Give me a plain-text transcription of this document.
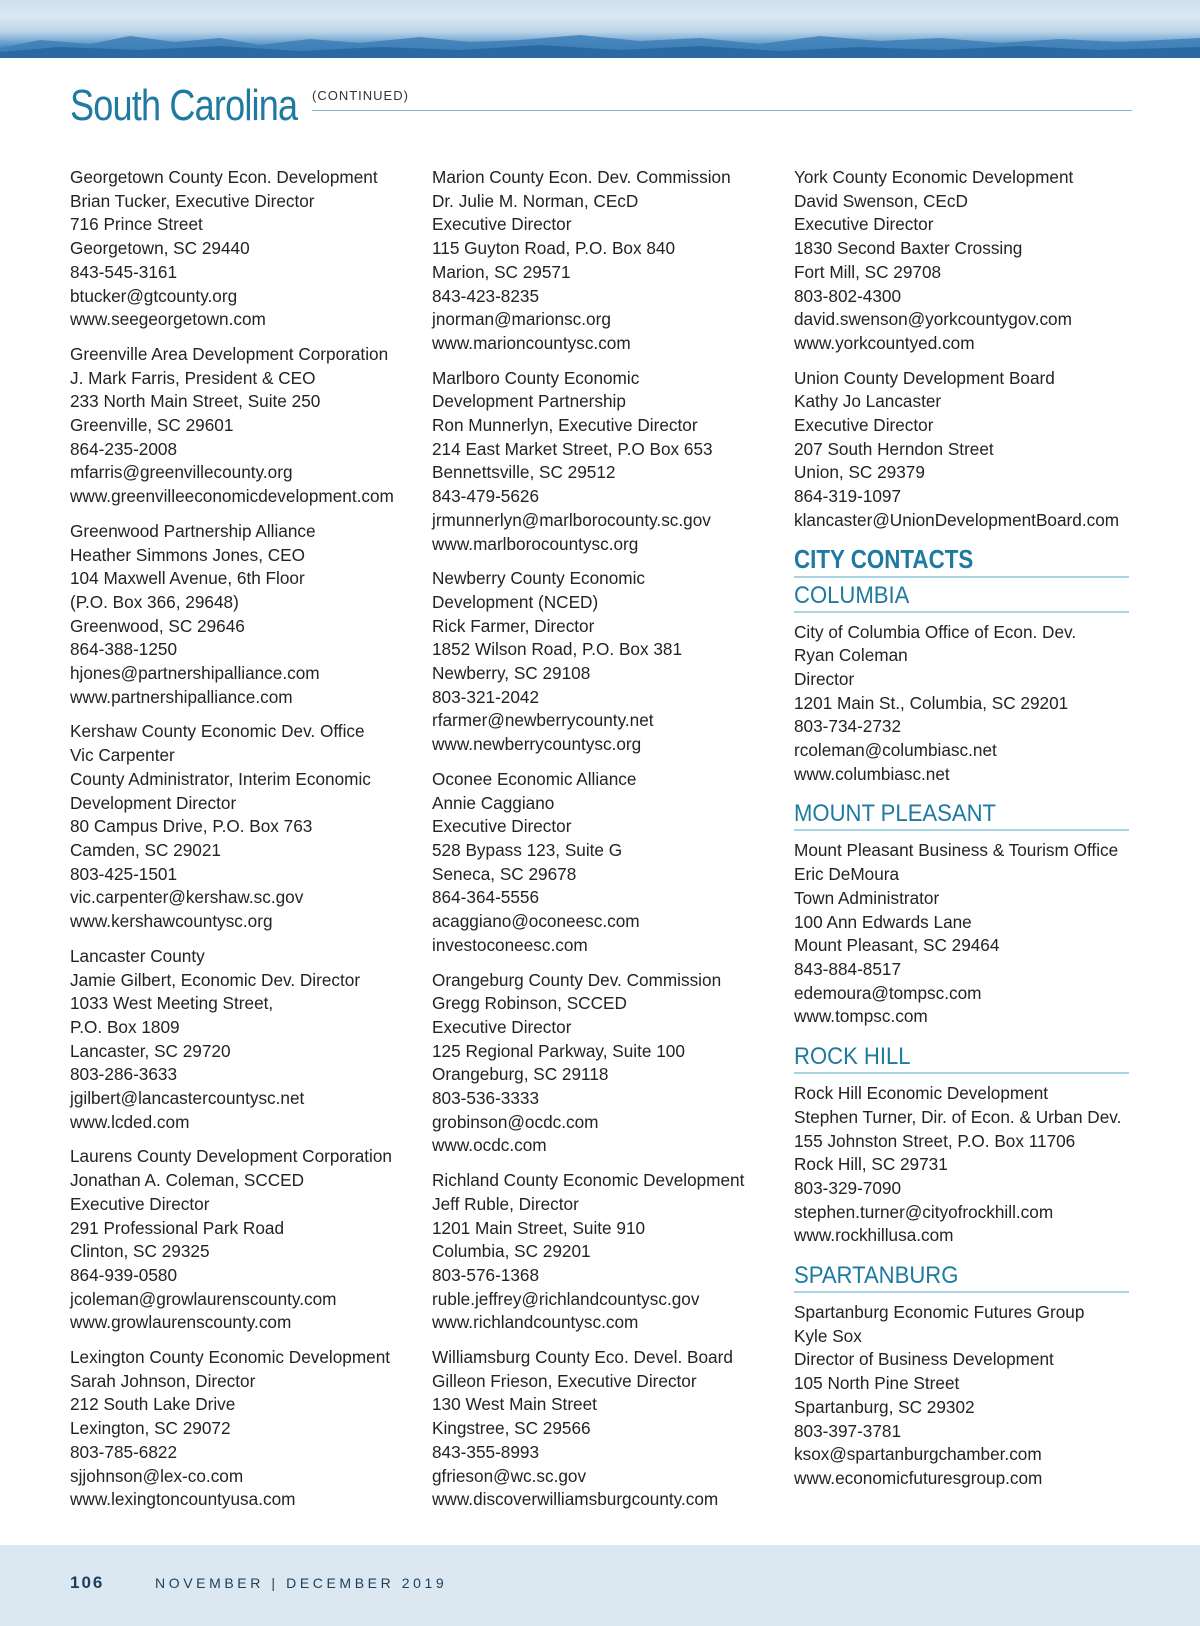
South Carolina (CONTINUED)
Georgetown County Econ. Development
Brian Tucker, Executive Director
716 Prince Street
Georgetown, SC 29440
843-545-3161
btucker@gtcounty.org
www.seegeorgetown.com
Greenville Area Development Corporation
J. Mark Farris, President & CEO
233 North Main Street, Suite 250
Greenville, SC 29601
864-235-2008
mfarris@greenvillecounty.org
www.greenvilleeconomicdevelopment.com
Greenwood Partnership Alliance
Heather Simmons Jones, CEO
104 Maxwell Avenue, 6th Floor
(P.O. Box 366, 29648)
Greenwood, SC 29646
864-388-1250
hjones@partnershipalliance.com
www.partnershipalliance.com
Kershaw County Economic Dev. Office
Vic Carpenter
County Administrator, Interim Economic
Development Director
80 Campus Drive, P.O. Box 763
Camden, SC 29021
803-425-1501
vic.carpenter@kershaw.sc.gov
www.kershawcountysc.org
Lancaster County
Jamie Gilbert, Economic Dev. Director
1033 West Meeting Street,
P.O. Box 1809
Lancaster, SC 29720
803-286-3633
jgilbert@lancastercountysc.net
www.lcded.com
Laurens County Development Corporation
Jonathan A. Coleman, SCCED
Executive Director
291 Professional Park Road
Clinton, SC 29325
864-939-0580
jcoleman@growlaurenscounty.com
www.growlaurenscounty.com
Lexington County Economic Development
Sarah Johnson, Director
212 South Lake Drive
Lexington, SC 29072
803-785-6822
sjjohnson@lex-co.com
www.lexingtoncountyusa.com
Marion County Econ. Dev. Commission
Dr. Julie M. Norman, CEcD
Executive Director
115 Guyton Road, P.O. Box 840
Marion, SC 29571
843-423-8235
jnorman@marionsc.org
www.marioncountysc.com
Marlboro County Economic
Development Partnership
Ron Munnerlyn, Executive Director
214 East Market Street, P.O Box 653
Bennettsville, SC 29512
843-479-5626
jrmunnerlyn@marlborocounty.sc.gov
www.marlborocountysc.org
Newberry County Economic
Development (NCED)
Rick Farmer, Director
1852 Wilson Road, P.O. Box 381
Newberry, SC 29108
803-321-2042
rfarmer@newberrycounty.net
www.newberrycountysc.org
Oconee Economic Alliance
Annie Caggiano
Executive Director
528 Bypass 123, Suite G
Seneca, SC 29678
864-364-5556
acaggiano@oconeesc.com
investoconeesc.com
Orangeburg County Dev. Commission
Gregg Robinson, SCCED
Executive Director
125 Regional Parkway, Suite 100
Orangeburg, SC 29118
803-536-3333
grobinson@ocdc.com
www.ocdc.com
Richland County Economic Development
Jeff Ruble, Director
1201 Main Street, Suite 910
Columbia, SC 29201
803-576-1368
ruble.jeffrey@richlandcountysc.gov
www.richlandcountysc.com
Williamsburg County Eco. Devel. Board
Gilleon Frieson, Executive Director
130 West Main Street
Kingstree, SC 29566
843-355-8993
gfrieson@wc.sc.gov
www.discoverwilliamsburgcounty.com
York County Economic Development
David Swenson, CEcD
Executive Director
1830 Second Baxter Crossing
Fort Mill, SC 29708
803-802-4300
david.swenson@yorkcountygov.com
www.yorkcountyed.com
Union County Development Board
Kathy Jo Lancaster
Executive Director
207 South Herndon Street
Union, SC 29379
864-319-1097
klancaster@UnionDevelopmentBoard.com
CITY CONTACTS
COLUMBIA
City of Columbia Office of Econ. Dev.
Ryan Coleman
Director
1201 Main St., Columbia, SC 29201
803-734-2732
rcoleman@columbiasc.net
www.columbiasc.net
MOUNT PLEASANT
Mount Pleasant Business & Tourism Office
Eric DeMoura
Town Administrator
100 Ann Edwards Lane
Mount Pleasant, SC 29464
843-884-8517
edemoura@tompsc.com
www.tompsc.com
ROCK HILL
Rock Hill Economic Development
Stephen Turner, Dir. of Econ. & Urban Dev.
155 Johnston Street, P.O. Box 11706
Rock Hill, SC 29731
803-329-7090
stephen.turner@cityofrockhill.com
www.rockhillusa.com
SPARTANBURG
Spartanburg Economic Futures Group
Kyle Sox
Director of Business Development
105 North Pine Street
Spartanburg, SC 29302
803-397-3781
ksox@spartanburgchamber.com
www.economicfuturesgroup.com
106	NOVEMBER | DECEMBER 2019
